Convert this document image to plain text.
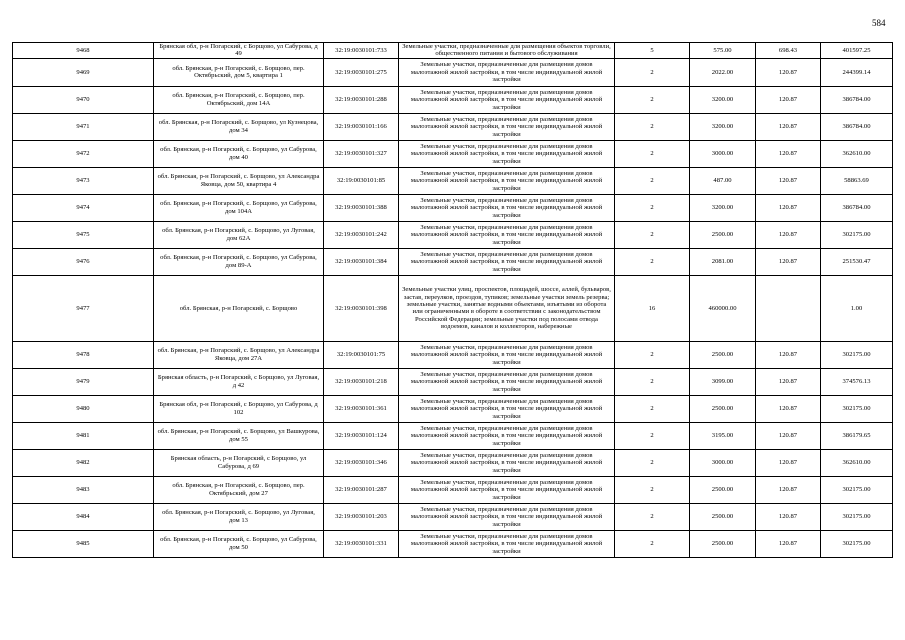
584
9468	Брянская обл, р-н Погарский, с Борщово, ул Сабурова, д 49	32:19:0030101:733	Земельные участки, предназначенные для размещения объектов торговли, общественного питания и бытового обслуживания	5	575.00	698.43	401597.25
9469	обл. Брянская, р-н Погарский, с. Борщово, пер. Октябрьский, дом 5, квартира 1	32:19:0030101:275	Земельные участки, предназначенные для размещения домов малоэтажной жилой застройки, в том числе индивидуальной жилой застройки	2	2022.00	120.87	244399.14
9470	обл. Брянская, р-н Погарский, с. Борщово, пер. Октябрьский, дом 14А	32:19:0030101:288	Земельные участки, предназначенные для размещения домов малоэтажной жилой застройки, в том числе индивидуальной жилой застройки	2	3200.00	120.87	386784.00
9471	обл. Брянская, р-н Погарский, с. Борщово, ул Кузнецова, дом 34	32:19:0030101:166	Земельные участки, предназначенные для размещения домов малоэтажной жилой застройки, в том числе индивидуальной жилой застройки	2	3200.00	120.87	386784.00
9472	обл. Брянская, р-н Погарский, с. Борщово, ул Сабурова, дом 40	32:19:0030101:327	Земельные участки, предназначенные для размещения домов малоэтажной жилой застройки, в том числе индивидуальной жилой застройки	2	3000.00	120.87	362610.00
9473	обл. Брянская, р-н Погарский, с. Борщово, ул Александра Яковца, дом 50, квартира 4	32:19:0030101:85	Земельные участки, предназначенные для размещения домов малоэтажной жилой застройки, в том числе индивидуальной жилой застройки	2	487.00	120.87	58863.69
9474	обл. Брянская, р-н Погарский, с. Борщово, ул Сабурова, дом 104А	32:19:0030101:388	Земельные участки, предназначенные для размещения домов малоэтажной жилой застройки, в том числе индивидуальной жилой застройки	2	3200.00	120.87	386784.00
9475	обл. Брянская, р-н Погарский, с. Борщово, ул Луговая, дом 62А	32:19:0030101:242	Земельные участки, предназначенные для размещения домов малоэтажной жилой застройки, в том числе индивидуальной жилой застройки	2	2500.00	120.87	302175.00
9476	обл. Брянская, р-н Погарский, с. Борщово, ул Сабурова, дом 89-А	32:19:0030101:384	Земельные участки, предназначенные для размещения домов малоэтажной жилой застройки, в том числе индивидуальной жилой застройки	2	2081.00	120.87	251530.47
9477	обл. Брянская, р-н Погарский, с. Борщово	32:19:0030101:398	Земельные участки улиц, проспектов, площадей, шоссе, аллей, бульваров, застав, переулков, проездов, тупиков; земельные участки земель резерва; земельные участки, занятые водными объектами, изъятыми из оборота или ограниченными в обороте в соответствии с законодательством Российской Федерации; земельные участки под полосами отвода водоемов, каналов и коллекторов, набережные	16	460000.00		1.00
9478	обл. Брянская, р-н Погарский, с. Борщово, ул Александра Яковца, дом 27А	32:19:0030101:75	Земельные участки, предназначенные для размещения домов малоэтажной жилой застройки, в том числе индивидуальной жилой застройки	2	2500.00	120.87	302175.00
9479	Брянская область, р-н Погарский, с Борщово, ул Луговая, д 42	32:19:0030101:218	Земельные участки, предназначенные для размещения домов малоэтажной жилой застройки, в том числе индивидуальной жилой застройки	2	3099.00	120.87	374576.13
9480	Брянская обл, р-н Погарский, с Борщово, ул Сабурова, д 102	32:19:0030101:361	Земельные участки, предназначенные для размещения домов малоэтажной жилой застройки, в том числе индивидуальной жилой застройки	2	2500.00	120.87	302175.00
9481	обл. Брянская, р-н Погарский, с. Борщово, ул Вашкурова, дом 55	32:19:0030101:124	Земельные участки, предназначенные для размещения домов малоэтажной жилой застройки, в том числе индивидуальной жилой застройки	2	3195.00	120.87	386179.65
9482	Брянская область, р-н Погарский, с Борщово, ул Сабурова, д 69	32:19:0030101:346	Земельные участки, предназначенные для размещения домов малоэтажной жилой застройки, в том числе индивидуальной жилой застройки	2	3000.00	120.87	362610.00
9483	обл. Брянская, р-н Погарский, с. Борщово, пер. Октябрьский, дом 27	32:19:0030101:287	Земельные участки, предназначенные для размещения домов малоэтажной жилой застройки, в том числе индивидуальной жилой застройки	2	2500.00	120.87	302175.00
9484	обл. Брянская, р-н Погарский, с. Борщово, ул Луговая, дом 13	32:19:0030101:203	Земельные участки, предназначенные для размещения домов малоэтажной жилой застройки, в том числе индивидуальной жилой застройки	2	2500.00	120.87	302175.00
9485	обл. Брянская, р-н Погарский, с. Борщово, ул Сабурова, дом 50	32:19:0030101:331	Земельные участки, предназначенные для размещения домов малоэтажной жилой застройки, в том числе индивидуальной жилой застройки	2	2500.00	120.87	302175.00
